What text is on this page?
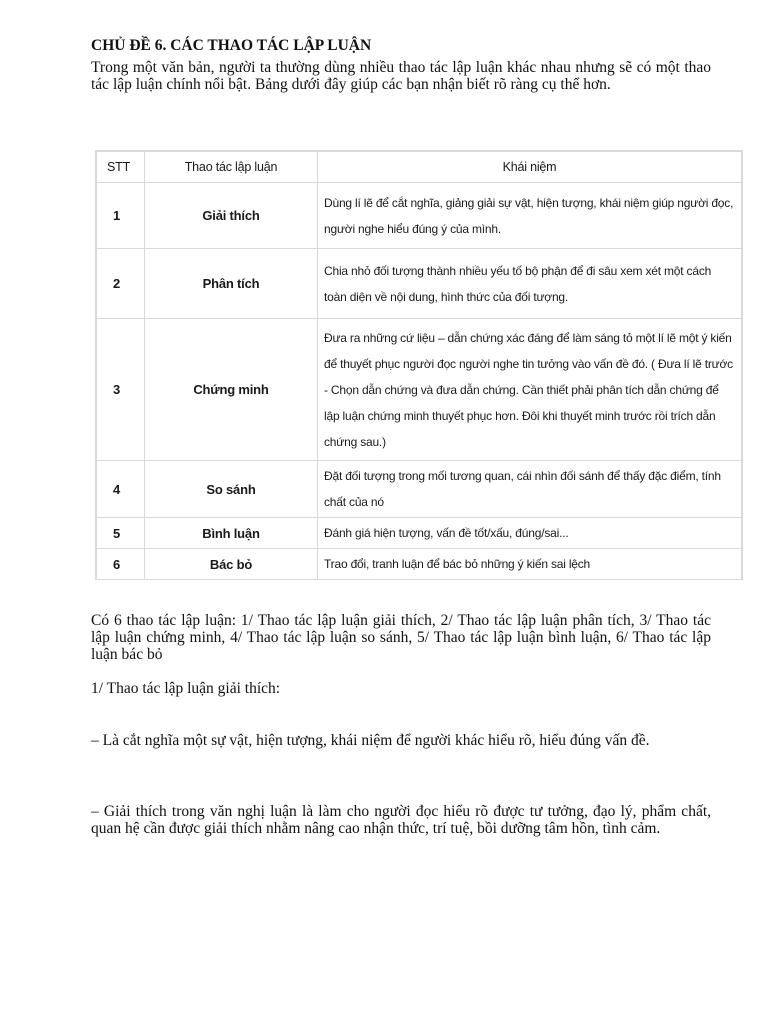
CHỦ ĐỀ 6. CÁC THAO TÁC LẬP LUẬN

Trong một văn bản, người ta thường dùng nhiều thao tác lập luận khác nhau nhưng sẽ có một thao tác lập luận chính nổi bật. Bảng dưới đây giúp các bạn nhận biết rõ ràng cụ thể hơn.

STT	Thao tác lập luận	Khái niệm
1	Giải thích	Dùng lí lẽ để cắt nghĩa, giảng giải sự vật, hiện tượng, khái niệm giúp người đọc, người nghe hiểu đúng ý của mình.
2	Phân tích	Chia nhỏ đối tượng thành nhiều yếu tố bộ phận để đi sâu xem xét một cách toàn diện về nội dung, hình thức của đối tượng.
3	Chứng minh	Đưa ra những cứ liệu – dẫn chứng xác đáng để làm sáng tỏ một lí lẽ một ý kiến để thuyết phục người đọc người nghe tin tưởng vào vấn đề đó. ( Đưa lí lẽ trước - Chọn dẫn chứng và đưa dẫn chứng. Cần thiết phải phân tích dẫn chứng để lập luận chứng minh thuyết phục hơn. Đôi khi thuyết minh trước rồi trích dẫn chứng sau.)
4	So sánh	Đặt đối tượng trong mối tương quan, cái nhìn đối sánh để thấy đặc điểm, tính chất của nó
5	Bình luận	Đánh giá hiện tượng, vấn đề tốt/xấu, đúng/sai...
6	Bác bỏ	Trao đổi, tranh luận để bác bỏ những ý kiến sai lệch

Có 6 thao tác lập luận: 1/ Thao tác lập luận giải thích, 2/ Thao tác lập luận phân tích, 3/ Thao tác lập luận chứng minh, 4/ Thao tác lập luận so sánh, 5/ Thao tác lập luận bình luận, 6/ Thao tác lập luận bác bỏ

1/ Thao tác lập luận giải thích:

– Là cắt nghĩa một sự vật, hiện tượng, khái niệm để người khác hiểu rõ, hiểu đúng vấn đề.

– Giải thích trong văn nghị luận là làm cho người đọc hiểu rõ được tư tưởng, đạo lý, phẩm chất, quan hệ cần được giải thích nhằm nâng cao nhận thức, trí tuệ, bồi dưỡng tâm hồn, tình cảm.
